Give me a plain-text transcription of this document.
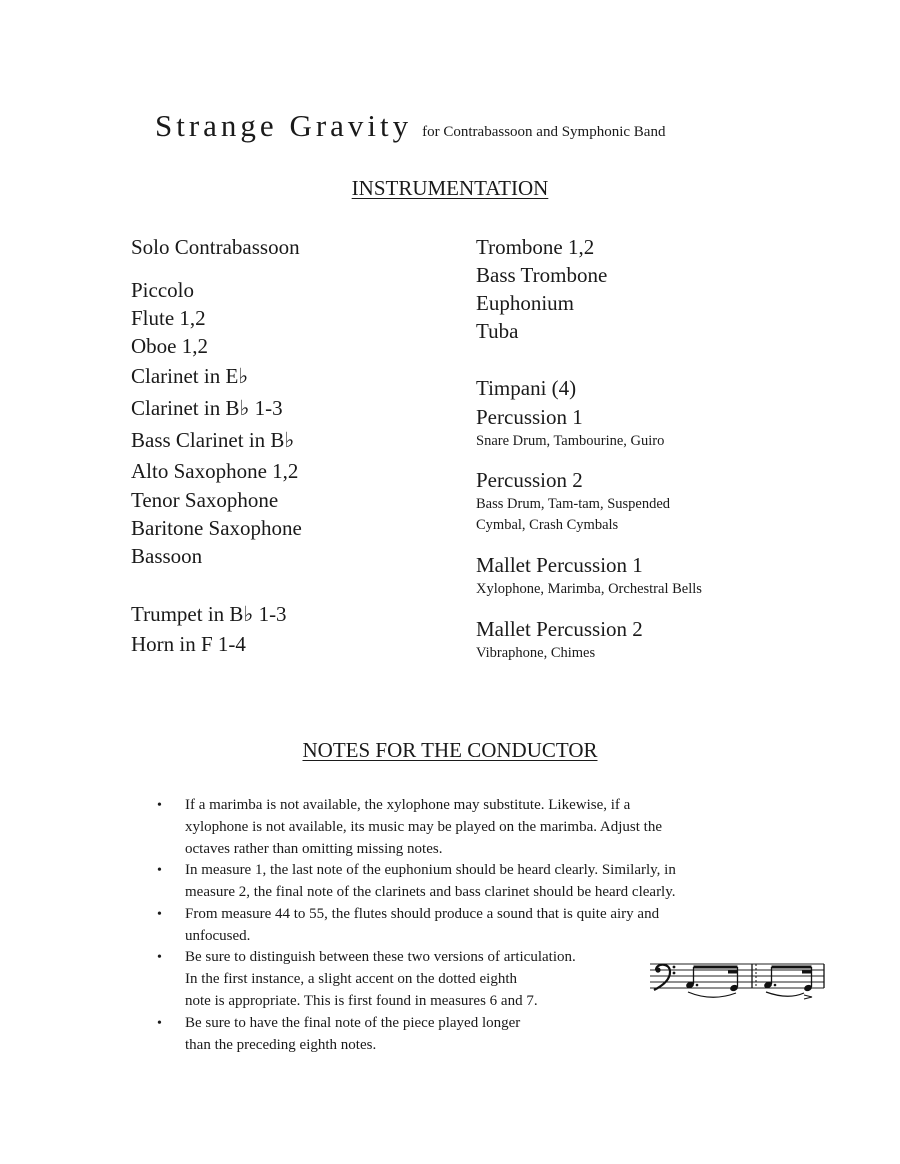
Strange Gravity for Contrabassoon and Symphonic Band
INSTRUMENTATION
Solo Contrabassoon
Piccolo
Flute 1,2
Oboe 1,2
Clarinet in E♭
Clarinet in B♭ 1-3
Bass Clarinet in B♭
Alto Saxophone 1,2
Tenor Saxophone
Baritone Saxophone
Bassoon
Trumpet in B♭ 1-3
Horn in F 1-4
Trombone 1,2
Bass Trombone
Euphonium
Tuba
Timpani (4)
Percussion 1
Snare Drum, Tambourine, Guiro
Percussion 2
Bass Drum, Tam-tam, Suspended
Cymbal, Crash Cymbals
Mallet Percussion 1
Xylophone, Marimba, Orchestral Bells
Mallet Percussion 2
Vibraphone, Chimes
NOTES FOR THE CONDUCTOR
• If a marimba is not available, the xylophone may substitute. Likewise, if a
xylophone is not available, its music may be played on the marimba. Adjust the
octaves rather than omitting missing notes.
• In measure 1, the last note of the euphonium should be heard clearly. Similarly, in
measure 2, the final note of the clarinets and bass clarinet should be heard clearly.
• From measure 44 to 55, the flutes should produce a sound that is quite airy and
unfocused.
• Be sure to distinguish between these two versions of articulation.
In the first instance, a slight accent on the dotted eighth
note is appropriate. This is first found in measures 6 and 7.
• Be sure to have the final note of the piece played longer
than the preceding eighth notes.
